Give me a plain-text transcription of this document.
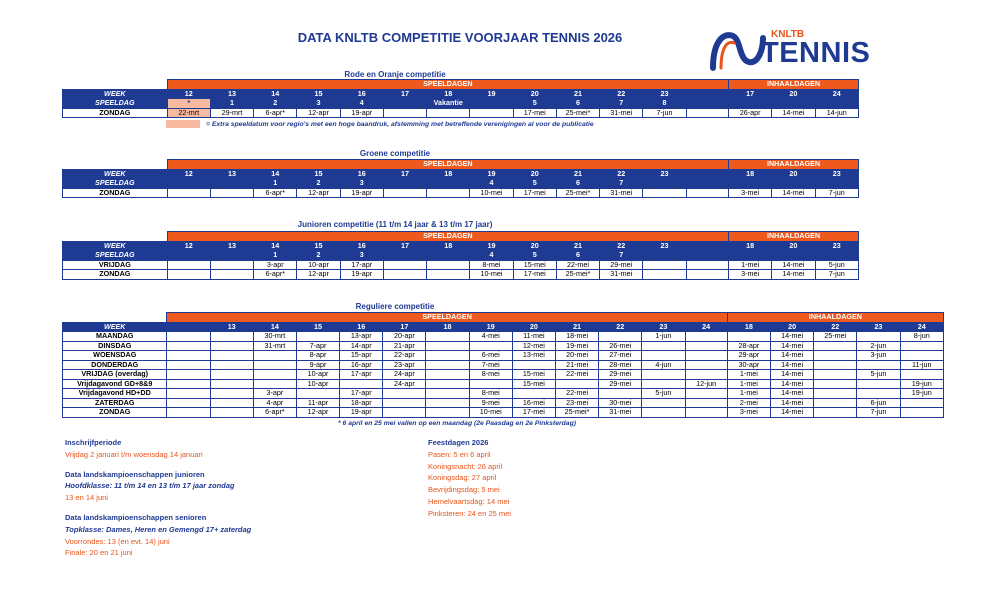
DATA KNLTB COMPETITIE VOORJAAR TENNIS 2026	KNLTB
TENNIS
Rode en Oranje competitie
	SPEELDAGEN													INHAALDAGEN		
WEEK	12	13	14	15	16	17	18	19	20	21	22	23		17	20	24
SPEELDAG	*	1	2	3	4		Vakantie		5	6	7	8				
ZONDAG	22-mrt	29-mrt	6-apr*	12-apr	19-apr				17-mei	25-mei*	31-mei	7-jun		26-apr	14-mei	14-jun
= Extra speeldatum voor regio's met een hoge baandruk, afstemming met betreffende verenigingen al voor de publicatie
Groene competitie
	SPEELDAGEN													INHAALDAGEN		
WEEK	12	13	14	15	16	17	18	19	20	21	22	23		18	20	23
SPEELDAG			1	2	3			4	5	6	7					
ZONDAG			6-apr*	12-apr	19-apr			10-mei	17-mei	25-mei*	31-mei			3-mei	14-mei	7-jun
Junioren competitie (11 t/m 14 jaar & 13 t/m 17 jaar)
	SPEELDAGEN													INHAALDAGEN		
WEEK	12	13	14	15	16	17	18	19	20	21	22	23		18	20	23
SPEELDAG			1	2	3			4	5	6	7					
VRIJDAG			3-apr	10-apr	17-apr			8-mei	15-mei	22-mei	29-mei			1-mei	14-mei	5-jun
ZONDAG			6-apr*	12-apr	19-apr			10-mei	17-mei	25-mei*	31-mei			3-mei	14-mei	7-jun
Reguliere competitie
	SPEELDAGEN													INHAALDAGEN				
WEEK		13	14	15	16	17	18	19	20	21	22	23	24	18	20	22	23	24
MAANDAG			30-mrt		13-apr	20-apr		4-mei	11-mei	18-mei		1-jun			14-mei	25-mei		8-jun
DINSDAG			31-mrt	7-apr	14-apr	21-apr			12-mei	19-mei	26-mei			28-apr	14-mei		2-jun	
WOENSDAG				8-apr	15-apr	22-apr		6-mei	13-mei	20-mei	27-mei			29-apr	14-mei		3-jun	
DONDERDAG				9-apr	16-apr	23-apr		7-mei		21-mei	28-mei	4-jun		30-apr	14-mei			11-jun
VRIJDAG (overdag)				10-apr	17-apr	24-apr		8-mei	15-mei	22-mei	29-mei			1-mei	14-mei		5-jun	
Vrijdagavond GD+8&9				10-apr		24-apr			15-mei		29-mei		12-jun	1-mei	14-mei			19-jun
Vrijdagavond HD+DD			3-apr		17-apr			8-mei		22-mei		5-jun		1-mei	14-mei			19-jun
ZATERDAG			4-apr	11-apr	18-apr			9-mei	16-mei	23-mei	30-mei			2-mei	14-mei		6-jun	
ZONDAG			6-apr*	12-apr	19-apr			10-mei	17-mei	25-mei*	31-mei			3-mei	14-mei		7-jun	
* 6 april en 25 mei vallen op een maandag (2e Paasdag en 2e Pinksterdag)
Inschrijfperiode
Vrijdag 2 januari t/m woensdag 14 januari
Data landskampioenschappen junioren
Hoofdklasse: 11 t/m 14 en 13 t/m 17 jaar zondag
13 en 14 juni
Data landskampioenschappen senioren
Topklasse: Dames, Heren en Gemengd 17+ zaterdag
Voorrondes: 13 (en evt. 14) juni
Finale: 20 en 21 juni
Feestdagen 2026
Pasen: 5 en 6 april
Koningsnacht: 26 april
Koningsdag: 27 april
Bevrijdingsdag: 5 mei
Hemelvaartsdag: 14 mei
Pinksteren: 24 en 25 mei
